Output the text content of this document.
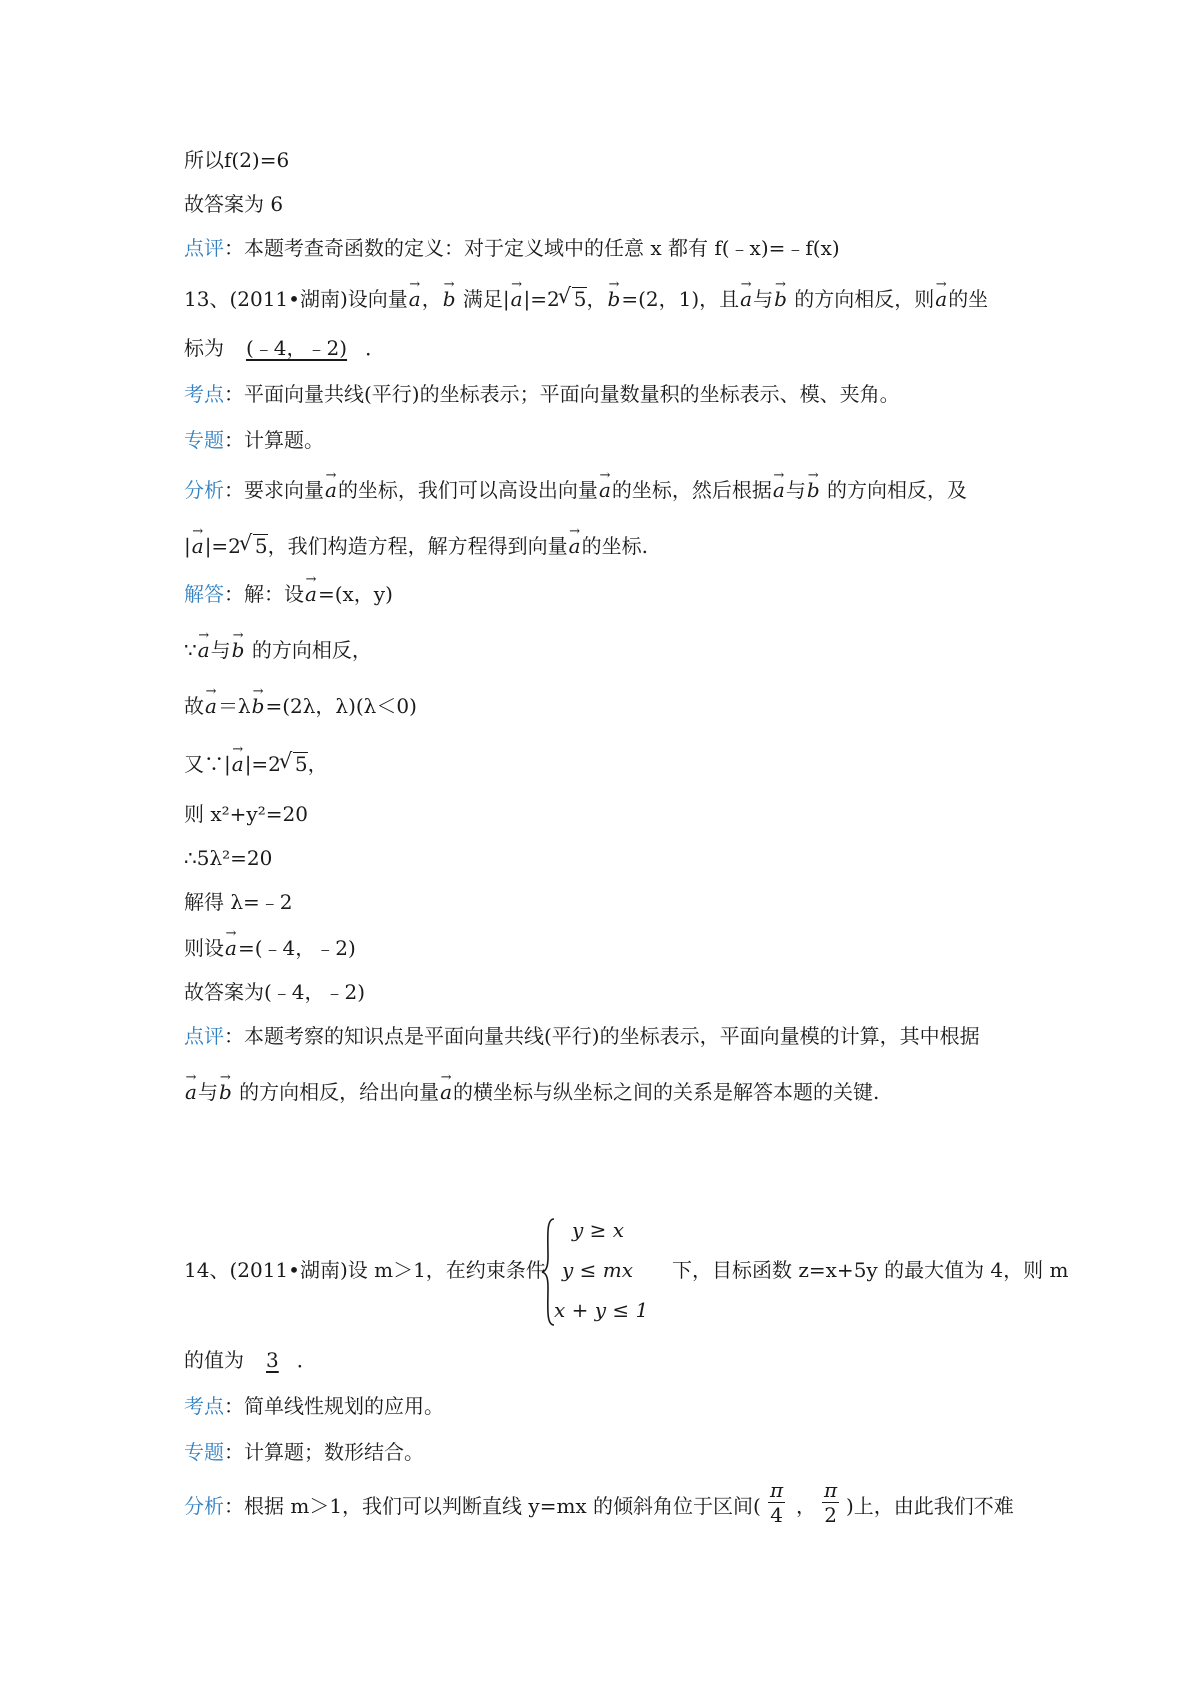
所以f(2)=6
故答案为 6
点评：本题考查奇函数的定义：对于定义域中的任意 x 都有 f(﹣x)=﹣f(x)
13、(2011•湖南)设向量→ a，→ b 满足|→ a|=2 √ 5，→ b=(2，1)，且→ a与→ b 的方向相反，则→ a的坐
标为 (﹣4，﹣2) ．
考点：平面向量共线(平行)的坐标表示；平面向量数量积的坐标表示、模、夹角。
专题：计算题。
分析：要求向量→ a的坐标，我们可以高设出向量→ a的坐标，然后根据→ a与→ b 的方向相反，及
|→ a|=2 √ 5，我们构造方程，解方程得到向量→ a的坐标.
解答：解：设→ a=(x，y)
∵→ a与→ b 的方向相反，
故→ a＝λ→ b=(2λ，λ)(λ＜0)
又∵|→ a|=2 √ 5，
则 x²+y²=20
∴5λ²=20
解得 λ=﹣2
则设→ a=(﹣4，﹣2)
故答案为(﹣4，﹣2)
点评：本题考察的知识点是平面向量共线(平行)的坐标表示，平面向量模的计算，其中根据
→ a与→ b 的方向相反，给出向量→ a的横坐标与纵坐标之间的关系是解答本题的关键.
14、(2011•湖南)设 m＞1，在约束条件
y ≥ x
y ≤ mx
x + y ≤ 1
下，目标函数 z=x+5y 的最大值为 4，则 m
的值为 3 ．
考点：简单线性规划的应用。
专题：计算题；数形结合。
分析：根据 m＞1，我们可以判断直线 y=mx 的倾斜角位于区间( $\frac{\pi}{4}$ ， $\frac{\pi}{2}$ )上，由此我们不难
